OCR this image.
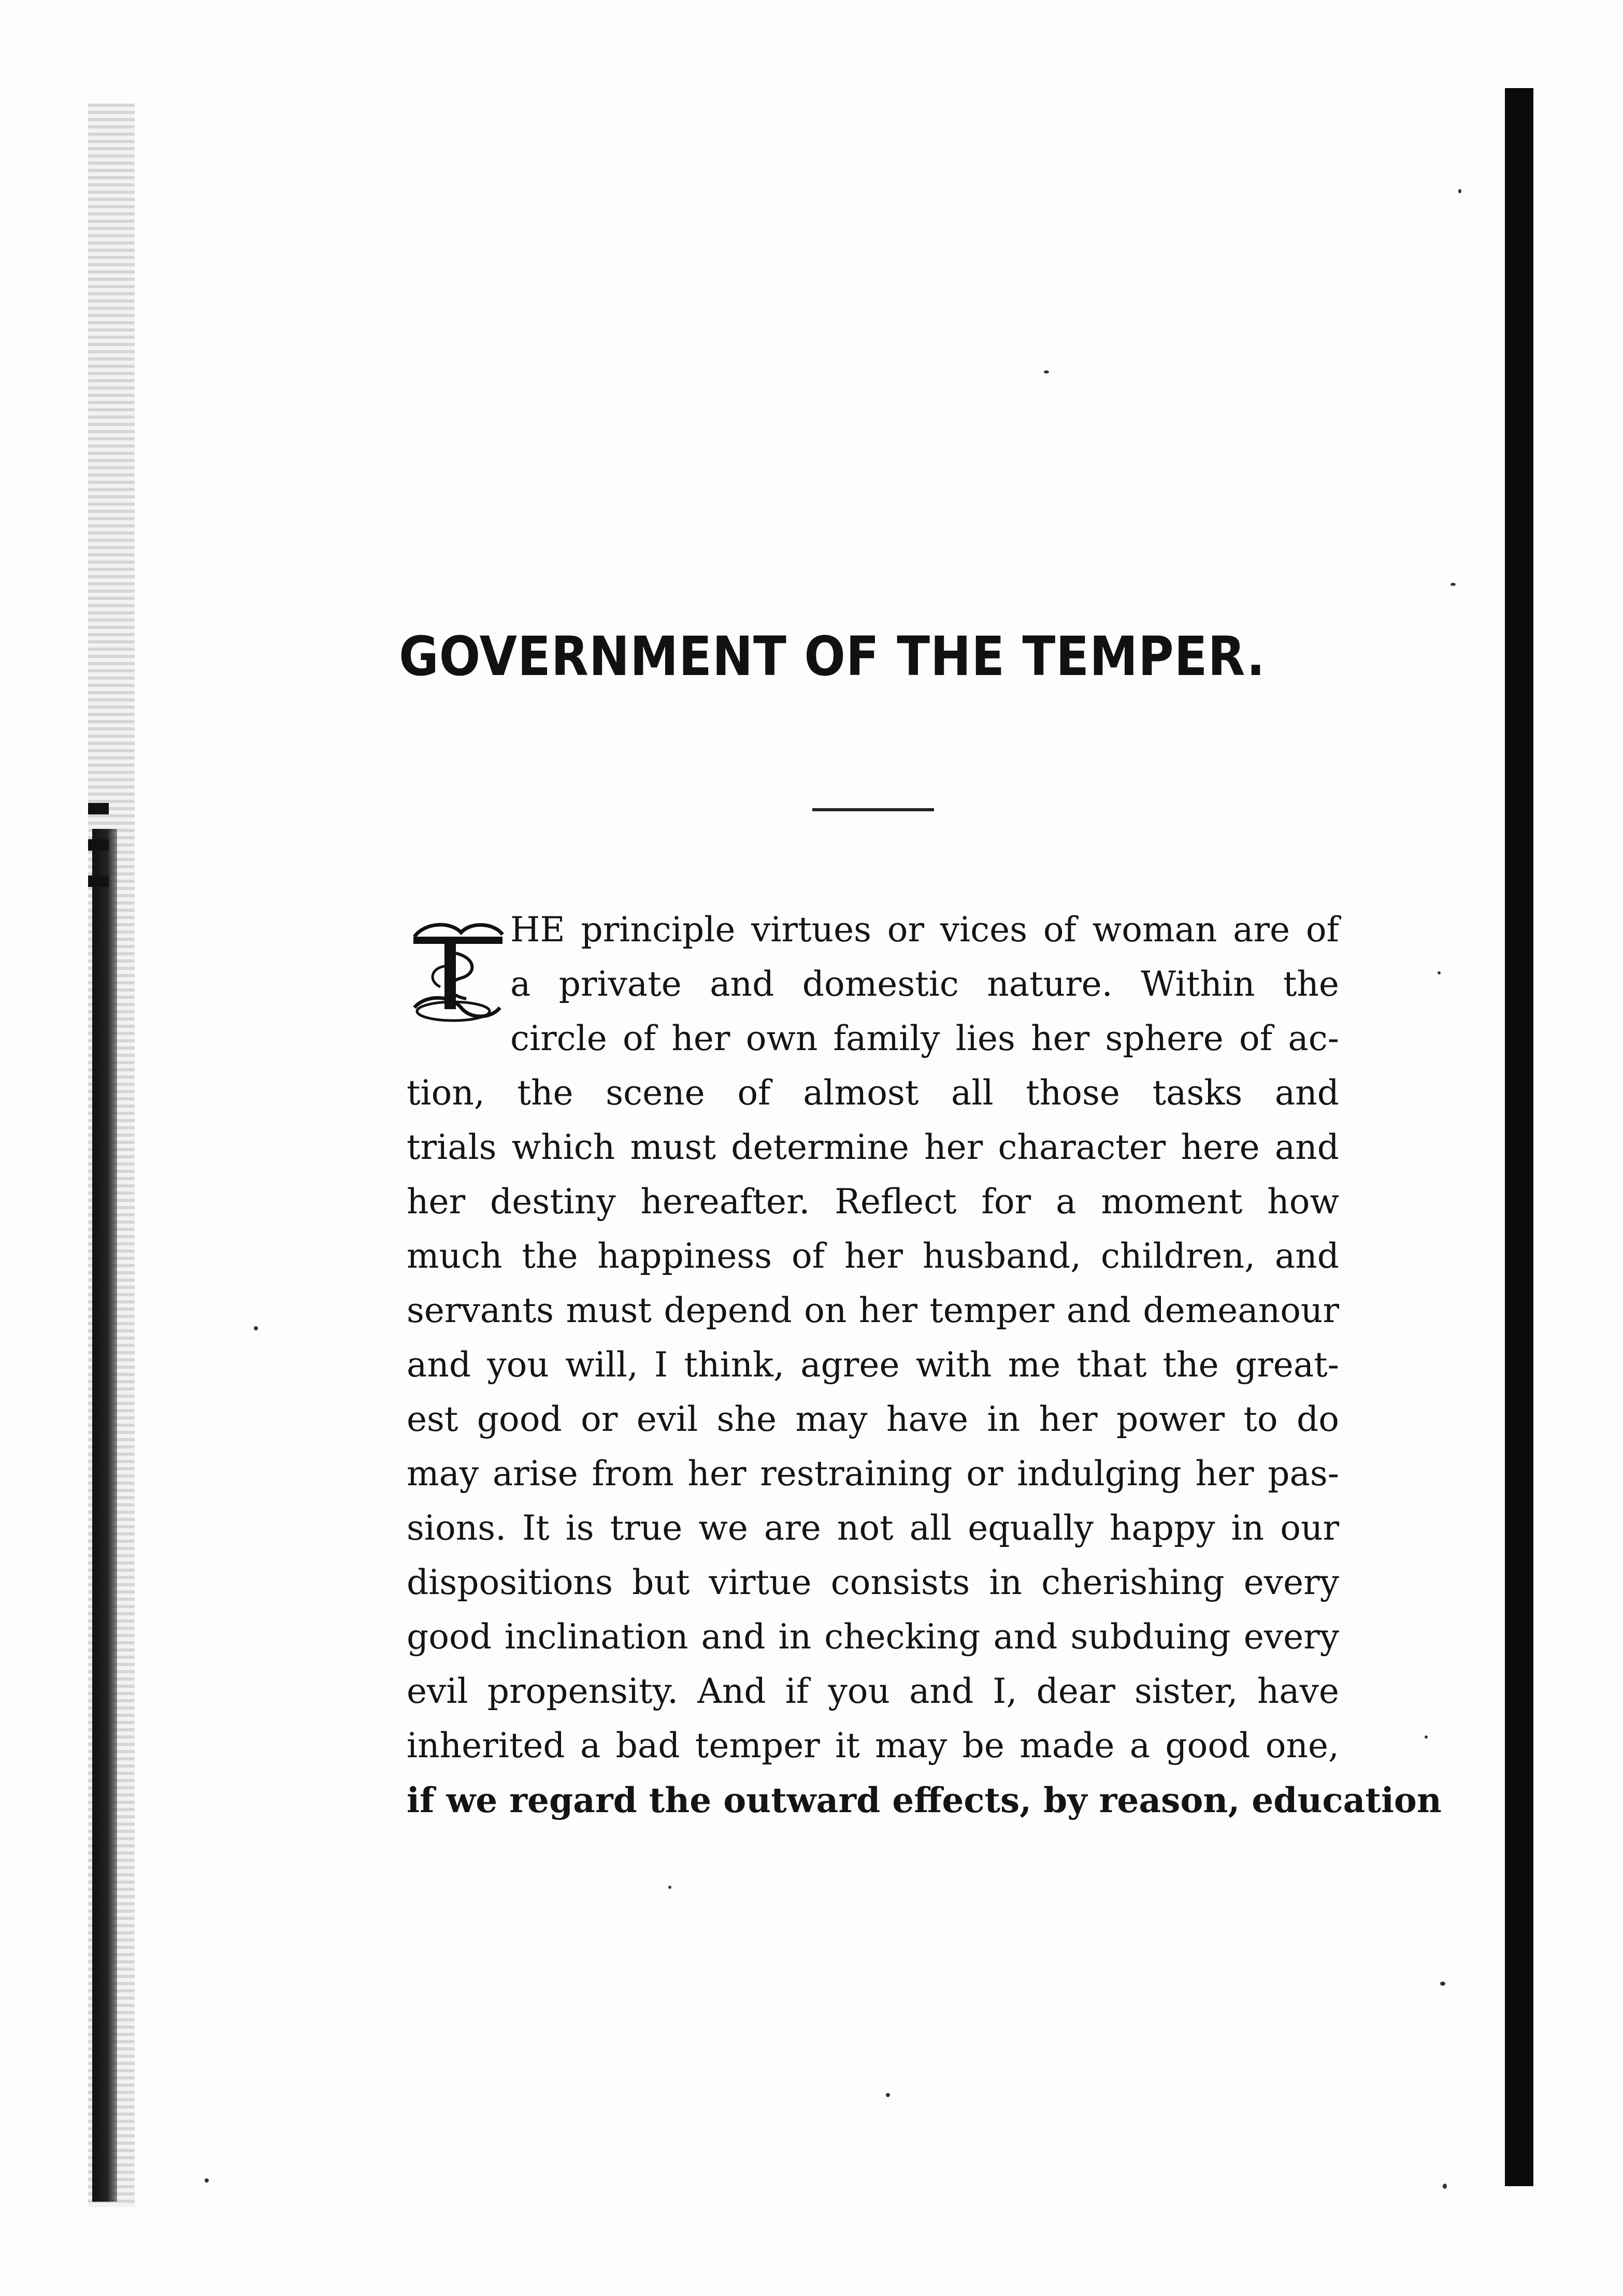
GOVERNMENT OF THE TEMPER.
HE principle virtues or vices of woman are of
a private and domestic nature. Within the
circle of her own family lies her sphere of ac-
tion, the scene of almost all those tasks and
trials which must determine her character here and
her destiny hereafter. Reflect for a moment how
much the happiness of her husband, children, and
servants must depend on her temper and demeanour
and you will, I think, agree with me that the great-
est good or evil she may have in her power to do
may arise from her restraining or indulging her pas-
sions. It is true we are not all equally happy in our
dispositions but virtue consists in cherishing every
good inclination and in checking and subduing every
evil propensity. And if you and I, dear sister, have
inherited a bad temper it may be made a good one,
if we regard the outward effects, by reason, education
